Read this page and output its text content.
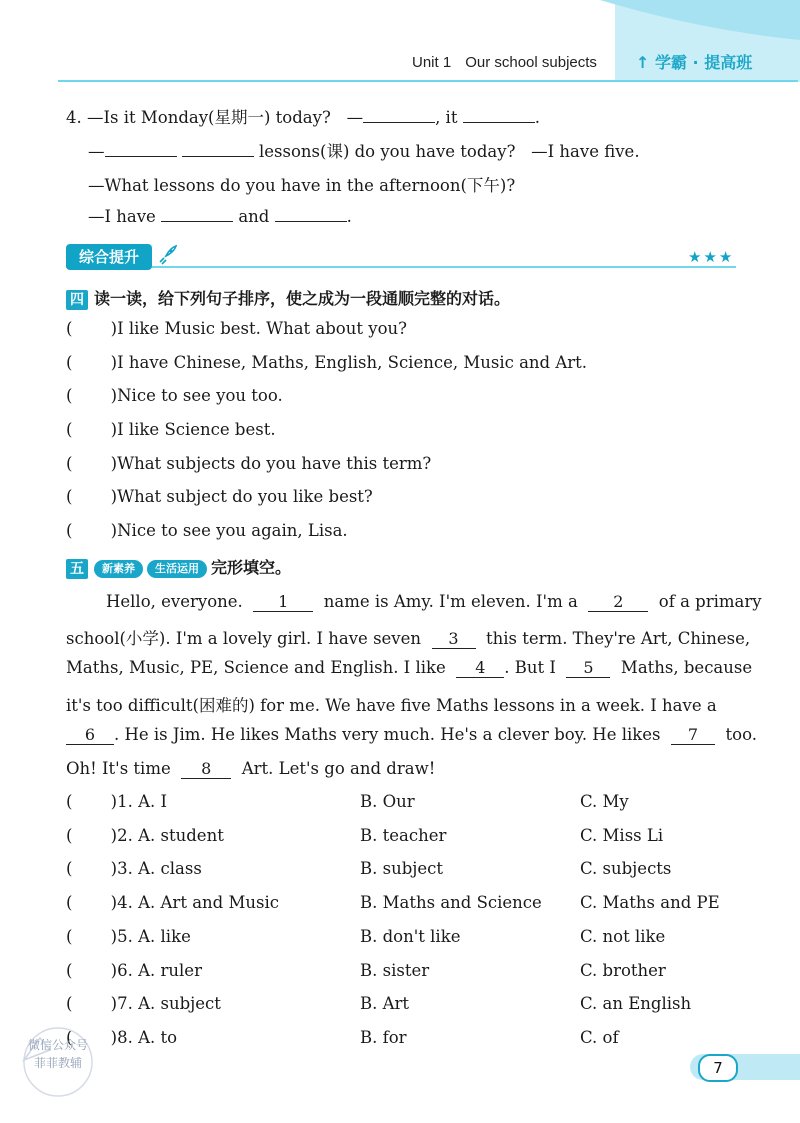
Unit 1 Our school subjects ↑ 学霸 · 提高班
4. —Is it Monday(星期一) today? —	, it	.
—	lessons(课) do you have today? —I have five.
—What lessons do you have in the afternoon(下午)?
—I have	and	.
综合提升	★★★
四 读一读，给下列句子排序，使之成为一段通顺完整的对话。
(   )I like Music best. What about you?
(   )I have Chinese, Maths, English, Science, Music and Art.
(   )Nice to see you too.
(   )I like Science best.
(   )What subjects do you have this term?
(   )What subject do you like best?
(   )Nice to see you again, Lisa.
五 新素养 生活运用 完形填空。
Hello, everyone. 1 name is Amy. I'm eleven. I'm a 2 of a primary
school(小学). I'm a lovely girl. I have seven 3 this term. They're Art, Chinese,
Maths, Music, PE, Science and English. I like 4 . But I 5 Maths, because
it's too difficult(困难的) for me. We have five Maths lessons in a week. I have a
6 . He is Jim. He likes Maths very much. He's a clever boy. He likes 7 too.
Oh! It's time 8 Art. Let's go and draw!
(   )1. A. I	B. Our	C. My
(   )2. A. student	B. teacher	C. Miss Li
(   )3. A. class	B. subject	C. subjects
(   )4. A. Art and Music	B. Maths and Science C. Maths and PE
(   )5. A. like	B. don't like	C. not like
(   )6. A. ruler	B. sister	C. brother
(   )7. A. subject	B. Art	C. an English
(   )8. A. to	B. for	C. of
微信公众号
菲菲教辅	7
